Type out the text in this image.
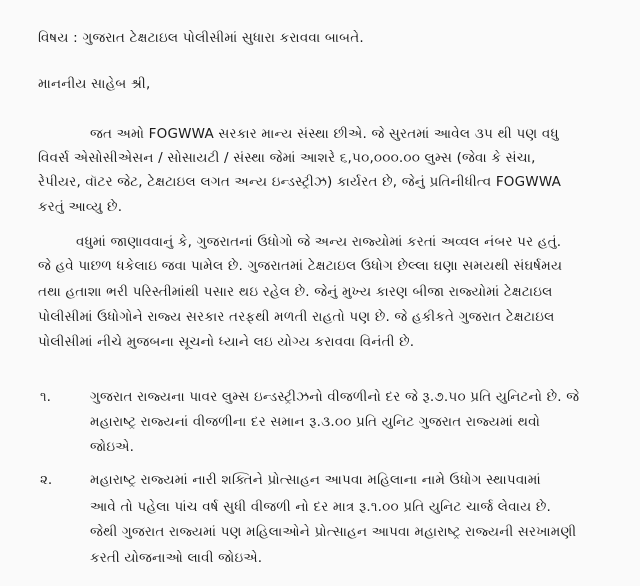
વિષય : ગુજરાત ટેક્ષટાઇલ પોલીસીમાં સુધારા કરાવવા બાબતે.
માનનીય સાહેબ શ્રી,
જત અમો FOGWWA સરકાર માન્ય સંસ્થા છીએ. જે સુરતમાં આવેલ ૩૫ થી પણ વધુ
વિવર્સ એસોસીએસન / સોસાયટી / સંસ્થા જેમાં આશરે ૬,૫૦,૦૦૦.૦૦ લુમ્સ (જેવા કે સંચા,
રેપીયર, વૉટર જેટ, ટેક્ષટાઇલ લગત અન્ય ઇન્ડસ્ટ્રીઝ) કાર્યરત છે, જેનું પ્રતિનીધીત્વ FOGWWA
કરતું આવ્યુ છે.
વધુમાં જાણાવવાનું કે, ગુજરાતનાં ઉધોગો જે અન્ય રાજ્યોમાં કરતાં અવ્વલ નંબર પર હતું.
જે હવે પાછળ ધકેલાઇ જવા પામેલ છે. ગુજરાતમાં ટેક્ષટાઇલ ઉધોગ છેલ્લા ઘણા સમયથી સંઘર્ષમય
તથા હતાશા ભરી પરિસ્તીમાંથી પસાર થઇ રહેલ છે. જેનું મુખ્ય કારણ બીજા રાજ્યોમાં ટેક્ષટાઇલ
પોલીસીમાં ઉધોગોને રાજ્ય સરકાર તરફથી મળતી રાહતો પણ છે. જે હકીકતે ગુજરાત ટેક્ષટાઇલ
પોલીસીમાં નીચે મુજબના સૂચનો ધ્યાને લઇ યોગ્ય કરાવવા વિનંતી છે.
૧.	ગુજરાત રાજ્યના પાવર લુમ્સ ઇન્ડસ્ટ્રીઝનો વીજળીનો દર જે રૂ.૭.૫૦ પ્રતિ યુનિટનો છે. જે
મહારાષ્ટ્ર રાજ્યનાં વીજળીના દર સમાન રૂ.૩.૦૦ પ્રતિ યુનિટ ગુજરાત રાજ્યમાં થવો
જોઇએ.
૨.	મહારાષ્ટ્ર રાજ્યમાં નારી શક્તિને પ્રોત્સાહન આપવા મહિલાના નામે ઉધોગ સ્થાપવામાં
આવે તો પહેલા પાંચ વર્ષ સુધી વીજળી નો દર માત્ર રૂ.૧.૦૦ પ્રતિ યુનિટ ચાર્જ લેવાય છે.
જેથી ગુજરાત રાજ્યમાં પણ મહિલાઓને પ્રોત્સાહન આપવા મહારાષ્ટ્ર રાજ્યની સરખામણી
કરતી યોજનાઓ લાવી જોઇએ.
